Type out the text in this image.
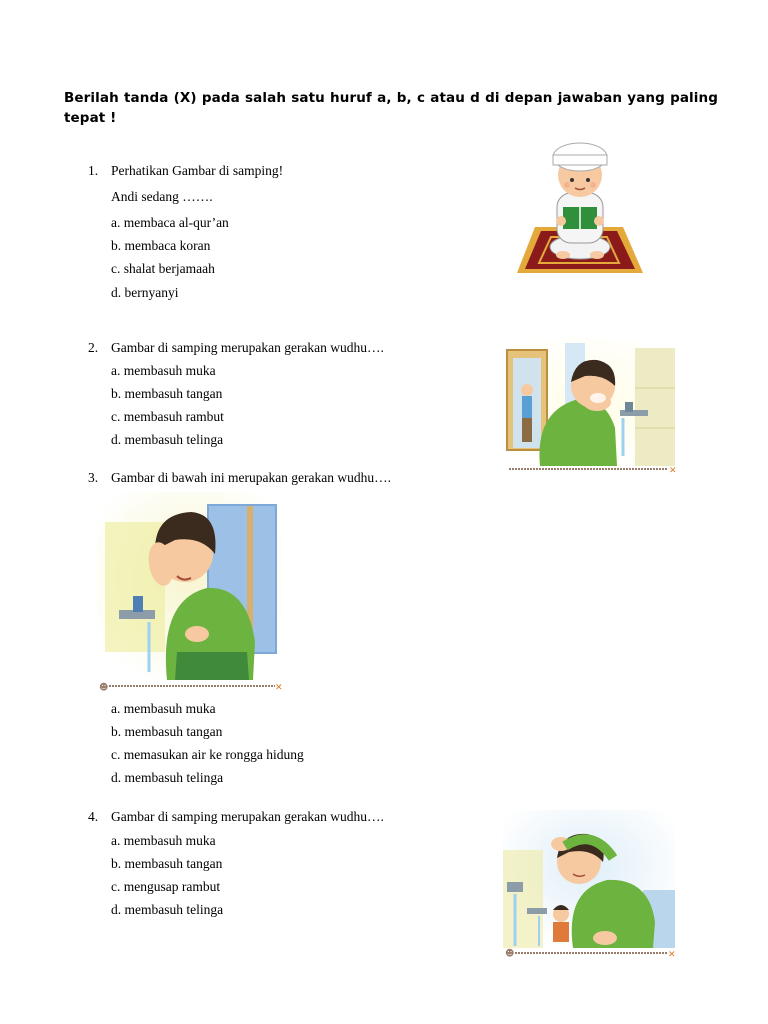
Berilah tanda (X) pada salah satu huruf a, b, c atau d di depan jawaban yang paling tepat !
1. Perhatikan Gambar di samping!
Andi sedang …….
a. membaca al-qur’an
b. membaca koran
c. shalat berjamaah
d. bernyanyi
2. Gambar di samping merupakan gerakan wudhu….
a. membasuh muka
b. membasuh tangan
c. membasuh rambut
d. membasuh telinga
✕
3. Gambar di bawah ini merupakan gerakan wudhu….
☻	✕
a. membasuh muka
b. membasuh tangan
c. memasukan air ke rongga hidung
d. membasuh telinga
4. Gambar di samping merupakan gerakan wudhu….
a. membasuh muka
b. membasuh tangan
c. mengusap rambut
d. membasuh telinga
☻	✕
